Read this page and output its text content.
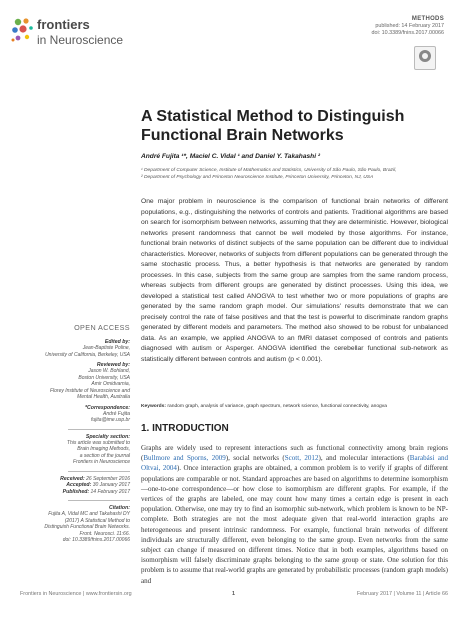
frontiers
in Neuroscience
METHODS
published: 14 February 2017
doi: 10.3389/fnins.2017.00066
A Statistical Method to Distinguish Functional Brain Networks
André Fujita ¹*, Maciel C. Vidal ¹ and Daniel Y. Takahashi ²
¹ Department of Computer Science, Institute of Mathematics and Statistics, University of São Paulo, São Paulo, Brazil,
² Department of Psychology and Princeton Neuroscience Institute, Princeton University, Princeton, NJ, USA
One major problem in neuroscience is the comparison of functional brain networks of different populations, e.g., distinguishing the networks of controls and patients. Traditional algorithms are based on search for isomorphism between networks, assuming that they are deterministic. However, biological networks present randomness that cannot be well modeled by those algorithms. For instance, functional brain networks of distinct subjects of the same population can be different due to individual characteristics. Moreover, networks of subjects from different populations can be generated through the same stochastic process. Thus, a better hypothesis is that networks are generated by random processes. In this case, subjects from the same group are samples from the same random process, whereas subjects from different groups are generated by distinct processes. Using this idea, we developed a statistical test called ANOGVA to test whether two or more populations of graphs are generated by the same random graph model. Our simulations' results demonstrate that we can precisely control the rate of false positives and that the test is powerful to discriminate random graphs generated by different models and parameters. The method also showed to be robust for unbalanced data. As an example, we applied ANOGVA to an fMRI dataset composed of controls and patients diagnosed with autism or Asperger. ANOGVA identified the cerebellar functional sub-network as statistically different between controls and autism (p < 0.001).
Keywords: random graph, analysis of variance, graph spectrum, network science, functional connectivity, anogva
OPEN ACCESS
Edited by:
Jean-Baptiste Poline,
University of California, Berkeley, USA
Reviewed by:
Jason W. Bohland,
Boston University, USA
Amir Omidvarnia,
Florey Institute of Neuroscience and
Mental Health, Australia
*Correspondence:
André Fujita
fujita@ime.usp.br
Specialty section:
This article was submitted to
Brain Imaging Methods,
a section of the journal
Frontiers in Neuroscience
Received: 26 September 2016
Accepted: 30 January 2017
Published: 14 February 2017
Citation:
Fujita A, Vidal MC and Takahashi DY
(2017) A Statistical Method to
Distinguish Functional Brain Networks.
Front. Neurosci. 11:66.
doi: 10.3389/fnins.2017.00066
1. INTRODUCTION
Graphs are widely used to represent interactions such as functional connectivity among brain regions (Bullmore and Sporns, 2009), social networks (Scott, 2012), and molecular interactions (Barabási and Oltvai, 2004). Once interaction graphs are obtained, a common problem is to verify if graphs of different populations are comparable or not. Standard approaches are based on algorithms to determine isomorphism—one-to-one correspondence—or how close to isomorphism are different graphs. For example, if the vertices of the graphs are labeled, one may count how many times a certain edge is present in each population. Otherwise, one may try to find an isomorphic sub-network, which problem is known to be NP-complete. Both strategies are not the most adequate given that real-world interaction graphs are heterogeneous and present intrinsic randomness. For example, functional brain networks of different individuals are structurally different, even belonging to the same group. Even networks from the same subject can change if measured on different times. Notice that in both examples, algorithms based on isomorphism will falsely discriminate graphs belonging to the same group or state. One solution for this problem is to assume that real-world graphs are generated by probabilistic processes (random graph models) and
Frontiers in Neuroscience | www.frontiersin.org	1	February 2017 | Volume 11 | Article 66
